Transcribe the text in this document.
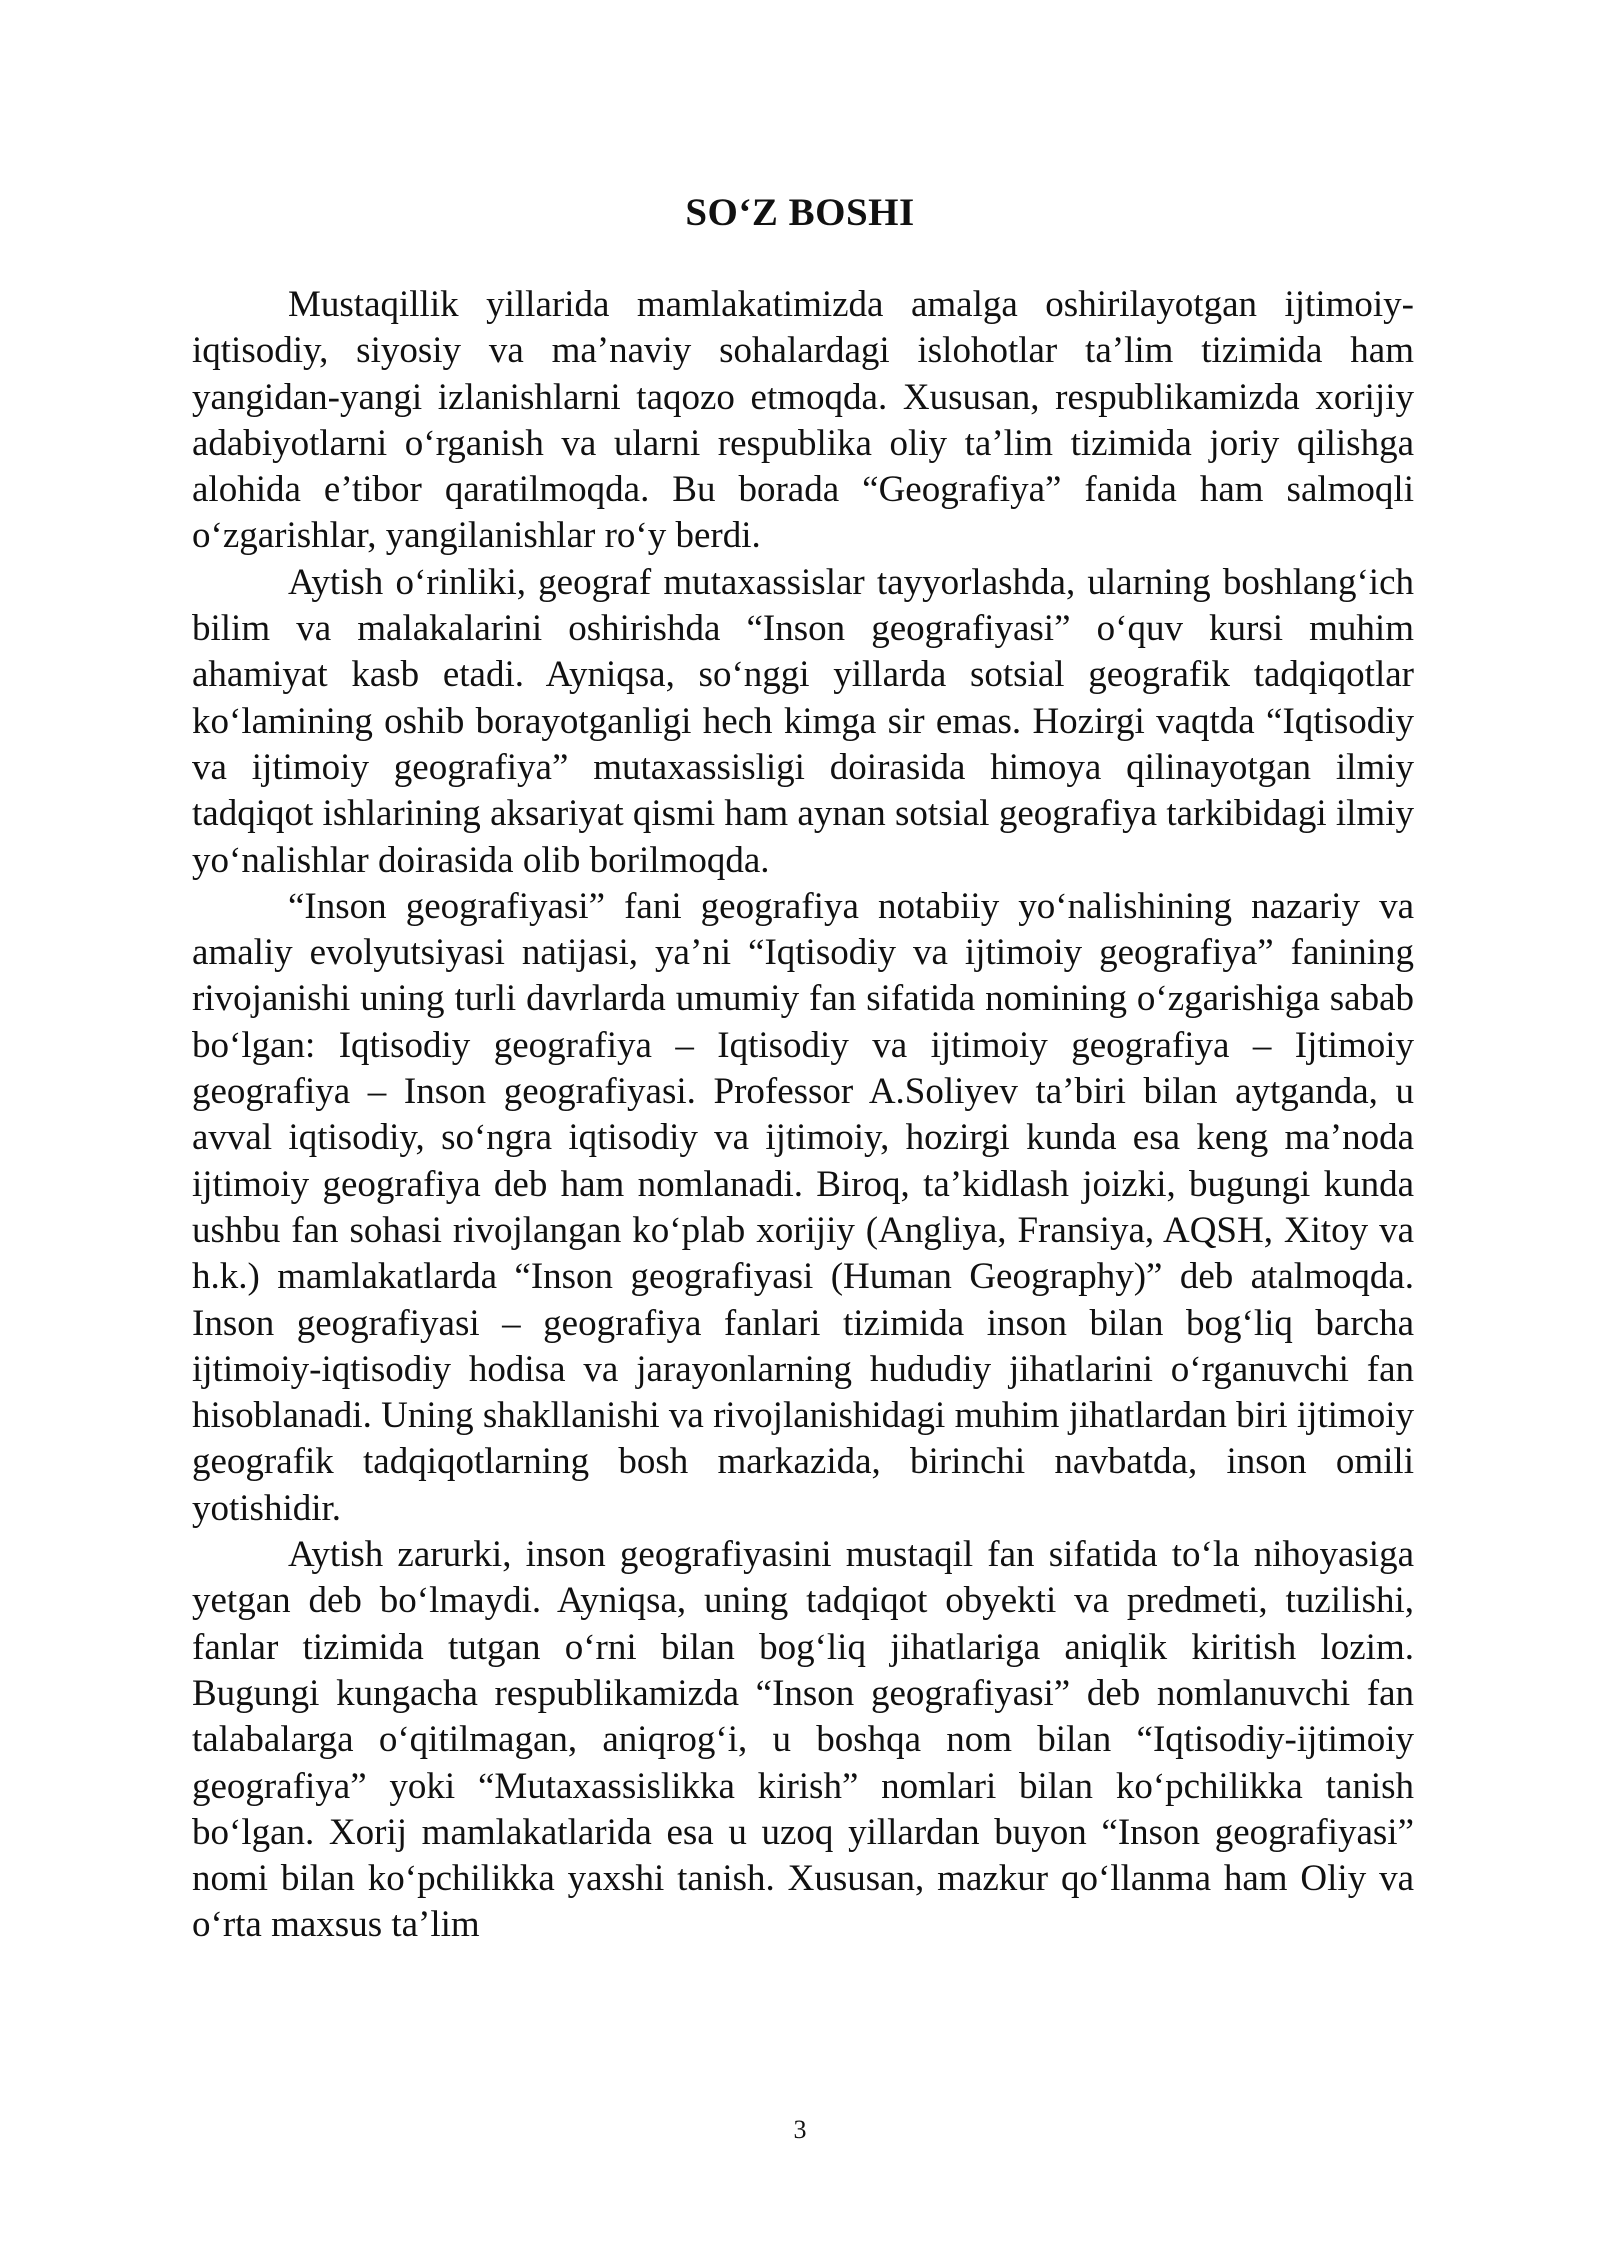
SO‘Z BOSHI

Mustaqillik yillarida mamlakatimizda amalga oshirilayotgan ijtimoiy-iqtisodiy, siyosiy va ma’naviy sohalardagi islohotlar ta’lim tizimida ham yangidan-yangi izlanishlarni taqozo etmoqda. Xususan, respublikamizda xorijiy adabiyotlarni o‘rganish va ularni respublika oliy ta’lim tizimida joriy qilishga alohida e’tibor qaratilmoqda. Bu borada “Geografiya” fanida ham salmoqli o‘zgarishlar, yangilanishlar ro‘y berdi.

Aytish o‘rinliki, geograf mutaxassislar tayyorlashda, ularning boshlang‘ich bilim va malakalarini oshirishda “Inson geografiyasi” o‘quv kursi muhim ahamiyat kasb etadi. Ayniqsa, so‘nggi yillarda sotsial geografik tadqiqotlar ko‘lamining oshib borayotganligi hech kimga sir emas. Hozirgi vaqtda “Iqtisodiy va ijtimoiy geografiya” mutaxassisligi doirasida himoya qilinayotgan ilmiy tadqiqot ishlarining aksariyat qismi ham aynan sotsial geografiya tarkibidagi ilmiy yo‘nalishlar doirasida olib borilmoqda.

“Inson geografiyasi” fani geografiya notabiiy yo‘nalishining nazariy va amaliy evolyutsiyasi natijasi, ya’ni “Iqtisodiy va ijtimoiy geografiya” fanining rivojanishi uning turli davrlarda umumiy fan sifatida nomining o‘zgarishiga sabab bo‘lgan: Iqtisodiy geografiya – Iqtisodiy va ijtimoiy geografiya – Ijtimoiy geografiya – Inson geografiyasi. Professor A.Soliyev ta’biri bilan aytganda, u avval iqtisodiy, so‘ngra iqtisodiy va ijtimoiy, hozirgi kunda esa keng ma’noda ijtimoiy geografiya deb ham nomlanadi. Biroq, ta’kidlash joizki, bugungi kunda ushbu fan sohasi rivojlangan ko‘plab xorijiy (Angliya, Fransiya, AQSH, Xitoy va h.k.) mamlakatlarda “Inson geografiyasi (Human Geography)” deb atalmoqda. Inson geografiyasi – geografiya fanlari tizimida inson bilan bog‘liq barcha ijtimoiy-iqtisodiy hodisa va jarayonlarning hududiy jihatlarini o‘rganuvchi fan hisoblanadi. Uning shakllanishi va rivojlanishidagi muhim jihatlardan biri ijtimoiy geografik tadqiqotlarning bosh markazida, birinchi navbatda, inson omili yotishidir.

Aytish zarurki, inson geografiyasini mustaqil fan sifatida to‘la nihoyasiga yetgan deb bo‘lmaydi. Ayniqsa, uning tadqiqot obyekti va predmeti, tuzilishi, fanlar tizimida tutgan o‘rni bilan bog‘liq jihatlariga aniqlik kiritish lozim. Bugungi kungacha respublikamizda “Inson geografiyasi” deb nomlanuvchi fan talabalarga o‘qitilmagan, aniqrog‘i, u boshqa nom bilan “Iqtisodiy-ijtimoiy geografiya” yoki “Mutaxassislikka kirish” nomlari bilan ko‘pchilikka tanish bo‘lgan. Xorij mamlakatlarida esa u uzoq yillardan buyon “Inson geografiyasi” nomi bilan ko‘pchilikka yaxshi tanish. Xususan, mazkur qo‘llanma ham Oliy va o‘rta maxsus ta’lim

3
